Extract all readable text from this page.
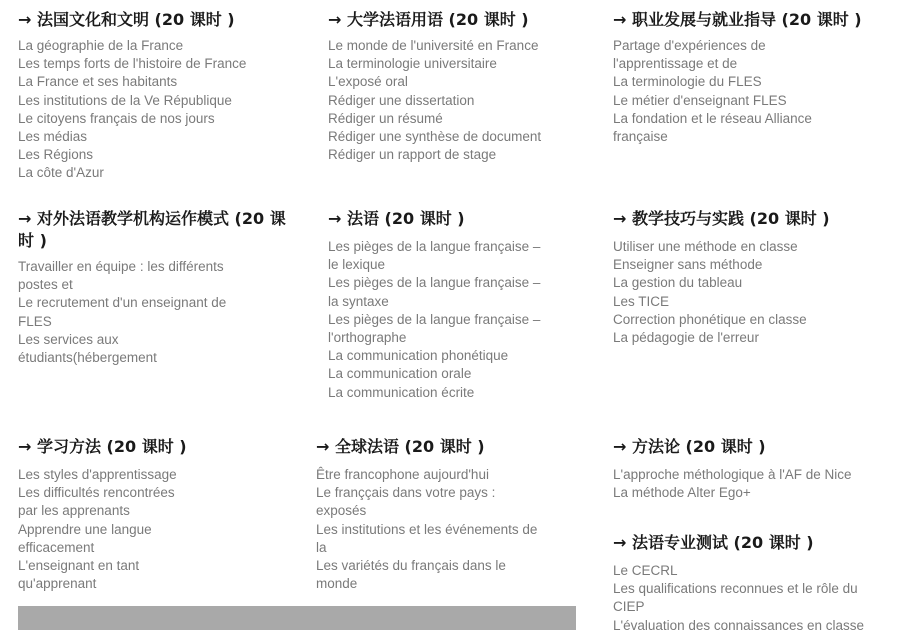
→ 法国文化和文明 (20 课时 )
La géographie de la France
Les temps forts de l'histoire de France
La France et ses habitants
Les institutions de la Ve République
Le citoyens français de nos jours
Les médias
Les Régions
La côte d'Azur
→ 大学法语用语 (20 课时 )
Le monde de l'université en France
La terminologie universitaire
L'exposé oral
Rédiger une dissertation
Rédiger un résumé
Rédiger une synthèse de document
Rédiger un rapport de stage
→ 职业发展与就业指导 (20 课时 )
Partage d'expériences de
l'apprentissage et de
La terminologie du FLES
Le métier d'enseignant FLES
La fondation et le réseau Alliance
française
→ 对外法语教学机构运作模式 (20 课时 )
Travailler en équipe : les différents
postes et
Le recrutement d'un enseignant de
FLES
Les services aux
étudiants(hébergement
→ 法语 (20 课时 )
Les pièges de la langue française –
le lexique
Les pièges de la langue française –
la syntaxe
Les pièges de la langue française –
l'orthographe
La communication phonétique
La communication orale
La communication écrite
→ 教学技巧与实践 (20 课时 )
Utiliser une méthode en classe
Enseigner sans méthode
La gestion du tableau
Les TICE
Correction phonétique en classe
La pédagogie de l'erreur
→ 学习方法 (20 课时 )
Les styles d'apprentissage
Les difficultés rencontrées
par les apprenants
Apprendre une langue
efficacement
L'enseignant en tant
qu'apprenant
→ 全球法语 (20 课时 )
Être francophone aujourd'hui
Le franççais dans votre pays :
exposés
Les institutions et les événements de
la
Les variétés du français dans le
monde
→ 方法论 (20 课时 )
L'approche méthologique à l'AF de Nice
La méthode Alter Ego+
→ 法语专业测试 (20 课时 )
Le CECRL
Les qualifications reconnues et le rôle du
CIEP
L'évaluation des connaissances en classe
